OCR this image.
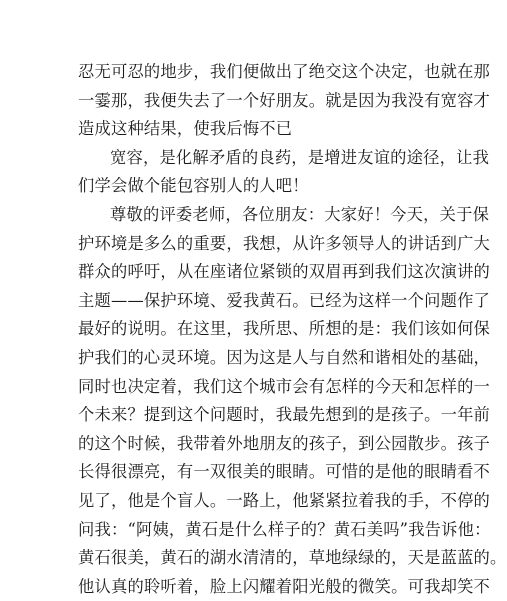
忍无可忍的地步，我们便做出了绝交这个决定，也就在那
一霎那，我便失去了一个好朋友。就是因为我没有宽容才
造成这种结果，使我后悔不已
宽容，是化解矛盾的良药，是增进友谊的途径，让我
们学会做个能包容别人的人吧！
尊敬的评委老师，各位朋友：大家好！今天，关于保
护环境是多么的重要，我想，从许多领导人的讲话到广大
群众的呼吁，从在座诸位紧锁的双眉再到我们这次演讲的
主题——保护环境、爱我黄石。已经为这样一个问题作了
最好的说明。在这里，我所思、所想的是：我们该如何保
护我们的心灵环境。因为这是人与自然和谐相处的基础，
同时也决定着，我们这个城市会有怎样的今天和怎样的一
个未来？提到这个问题时，我最先想到的是孩子。一年前
的这个时候，我带着外地朋友的孩子，到公园散步。孩子
长得很漂亮，有一双很美的眼睛。可惜的是他的眼睛看不
见了，他是个盲人。一路上，他紧紧拉着我的手，不停的
问我：“阿姨，黄石是什么样子的？黄石美吗”我告诉他：
黄石很美，黄石的湖水清清的，草地绿绿的，天是蓝蓝的。
他认真的聆听着，脸上闪耀着阳光般的微笑。可我却笑不
